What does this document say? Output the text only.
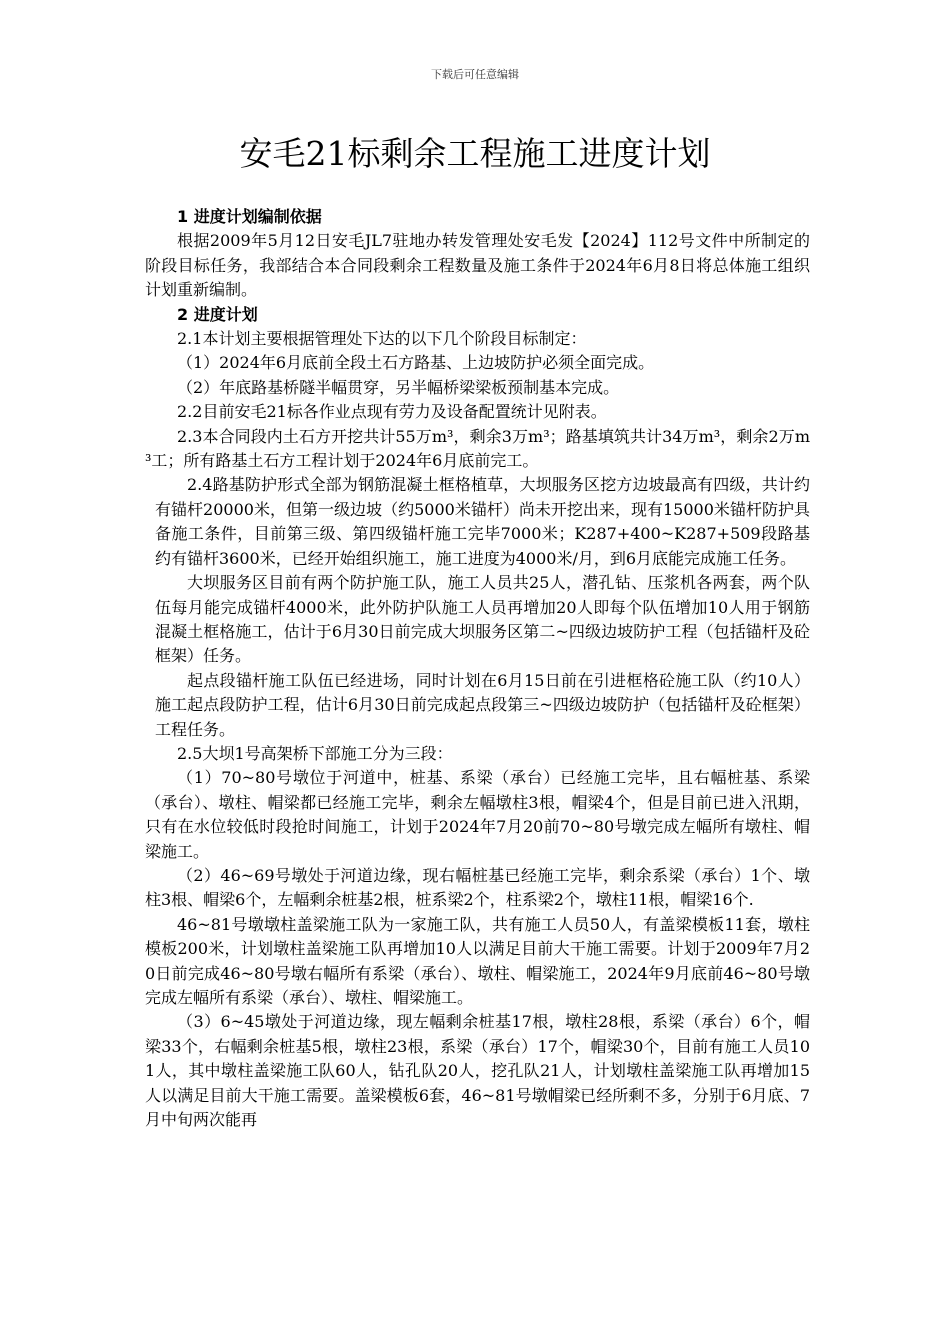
下载后可任意编辑
安毛21标剩余工程施工进度计划

1 进度计划编制依据

根据2009年5月12日安毛JL7驻地办转发管理处安毛发【2024】112号文件中所制定的阶段目标任务，我部结合本合同段剩余工程数量及施工条件于2024年6月8日将总体施工组织计划重新编制。

2 进度计划

2.1本计划主要根据管理处下达的以下几个阶段目标制定：

（1）2024年6月底前全段土石方路基、上边坡防护必须全面完成。

（2）年底路基桥隧半幅贯穿，另半幅桥梁梁板预制基本完成。

2.2目前安毛21标各作业点现有劳力及设备配置统计见附表。

2.3本合同段内土石方开挖共计55万m³，剩余3万m³；路基填筑共计34万m³，剩余2万m³工；所有路基土石方工程计划于2024年6月底前完工。

2.4路基防护形式全部为钢筋混凝土框格植草，大坝服务区挖方边坡最高有四级，共计约有锚杆20000米，但第一级边坡（约5000米锚杆）尚未开挖出来，现有15000米锚杆防护具备施工条件，目前第三级、第四级锚杆施工完毕7000米；K287+400~K287+509段路基约有锚杆3600米，已经开始组织施工，施工进度为4000米/月，到6月底能完成施工任务。

大坝服务区目前有两个防护施工队，施工人员共25人，潜孔钻、压浆机各两套，两个队伍每月能完成锚杆4000米，此外防护队施工人员再增加20人即每个队伍增加10人用于钢筋混凝土框格施工，估计于6月30日前完成大坝服务区第二~四级边坡防护工程（包括锚杆及砼框架）任务。

起点段锚杆施工队伍已经进场，同时计划在6月15日前在引进框格砼施工队（约10人）施工起点段防护工程，估计6月30日前完成起点段第三~四级边坡防护（包括锚杆及砼框架）工程任务。

2.5大坝1号高架桥下部施工分为三段：

（1）70~80号墩位于河道中，桩基、系梁（承台）已经施工完毕，且右幅桩基、系梁（承台）、墩柱、帽梁都已经施工完毕，剩余左幅墩柱3根，帽梁4个，但是目前已进入汛期，只有在水位较低时段抢时间施工，计划于2024年7月20前70~80号墩完成左幅所有墩柱、帽梁施工。

（2）46~69号墩处于河道边缘，现右幅桩基已经施工完毕，剩余系梁（承台）1个、墩柱3根、帽梁6个，左幅剩余桩基2根，桩系梁2个，柱系梁2个，墩柱11根，帽梁16个.

46~81号墩墩柱盖梁施工队为一家施工队，共有施工人员50人，有盖梁模板11套，墩柱模板200米，计划墩柱盖梁施工队再增加10人以满足目前大干施工需要。计划于2009年7月20日前完成46~80号墩右幅所有系梁（承台）、墩柱、帽梁施工，2024年9月底前46~80号墩完成左幅所有系梁（承台）、墩柱、帽梁施工。

（3）6~45墩处于河道边缘，现左幅剩余桩基17根，墩柱28根，系梁（承台）6个，帽梁33个，右幅剩余桩基5根，墩柱23根，系梁（承台）17个，帽梁30个，目前有施工人员101人，其中墩柱盖梁施工队60人，钻孔队20人，挖孔队21人，计划墩柱盖梁施工队再增加15人以满足目前大干施工需要。盖梁模板6套，46~81号墩帽梁已经所剩不多，分别于6月底、7月中旬两次能再
